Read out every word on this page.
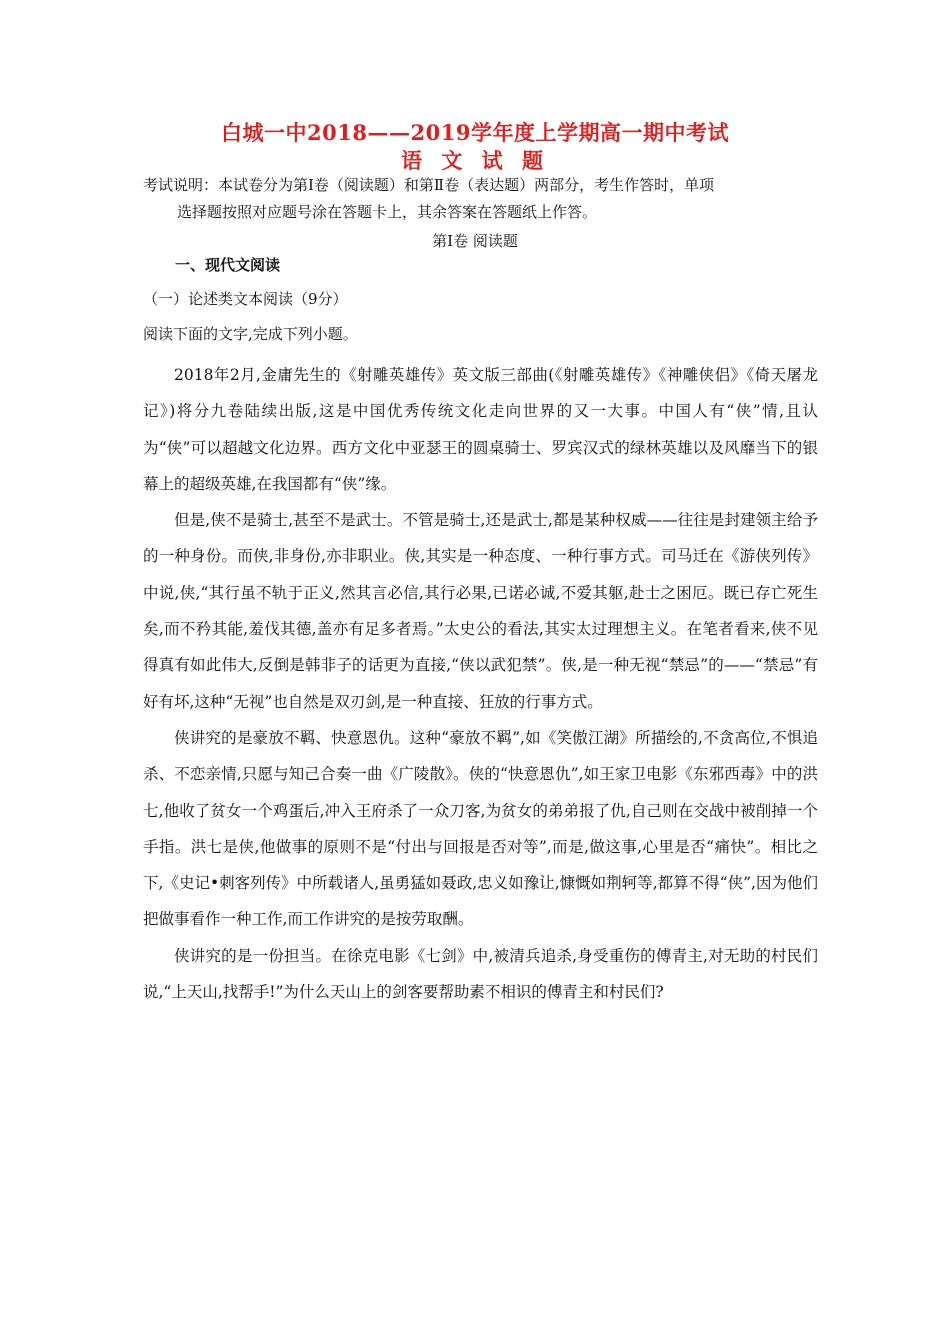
白城一中2018——2019学年度上学期高一期中考试
语 文 试 题
考试说明：本试卷分为第Ⅰ卷（阅读题）和第Ⅱ卷（表达题）两部分，考生作答时，单项
选择题按照对应题号涂在答题卡上，其余答案在答题纸上作答。
第Ⅰ卷 阅读题
一、现代文阅读
（一）论述类文本阅读（9分）
阅读下面的文字,完成下列小题。

2018年2月,金庸先生的《射雕英雄传》英文版三部曲(《射雕英雄传》《神雕侠侣》《倚天屠龙记》)将分九卷陆续出版,这是中国优秀传统文化走向世界的又一大事。中国人有“侠”情,且认为“侠”可以超越文化边界。西方文化中亚瑟王的圆桌骑士、罗宾汉式的绿林英雄以及风靡当下的银幕上的超级英雄,在我国都有“侠”缘。

但是,侠不是骑士,甚至不是武士。不管是骑士,还是武士,都是某种权威——往往是封建领主给予的一种身份。而侠,非身份,亦非职业。侠,其实是一种态度、一种行事方式。司马迁在《游侠列传》中说,侠,“其行虽不轨于正义,然其言必信,其行必果,已诺必诚,不爱其躯,赴士之困厄。既已存亡死生矣,而不矜其能,羞伐其德,盖亦有足多者焉。”太史公的看法,其实太过理想主义。在笔者看来,侠不见得真有如此伟大,反倒是韩非子的话更为直接,“侠以武犯禁”。侠,是一种无视“禁忌”的——“禁忌”有好有坏,这种“无视”也自然是双刃剑,是一种直接、狂放的行事方式。

侠讲究的是豪放不羁、快意恩仇。这种“豪放不羁”,如《笑傲江湖》所描绘的,不贪高位,不惧追杀、不恋亲情,只愿与知己合奏一曲《广陵散》。侠的“快意恩仇”,如王家卫电影《东邪西毒》中的洪七,他收了贫女一个鸡蛋后,冲入王府杀了一众刀客,为贫女的弟弟报了仇,自己则在交战中被削掉一个手指。洪七是侠,他做事的原则不是“付出与回报是否对等”,而是,做这事,心里是否“痛快”。相比之下,《史记•刺客列传》中所载诸人,虽勇猛如聂政,忠义如豫让,慷慨如荆轲等,都算不得“侠”,因为他们把做事看作一种工作,而工作讲究的是按劳取酬。

侠讲究的是一份担当。在徐克电影《七剑》中,被清兵追杀,身受重伤的傅青主,对无助的村民们说,“上天山,找帮手!”为什么天山上的剑客要帮助素不相识的傅青主和村民们?
